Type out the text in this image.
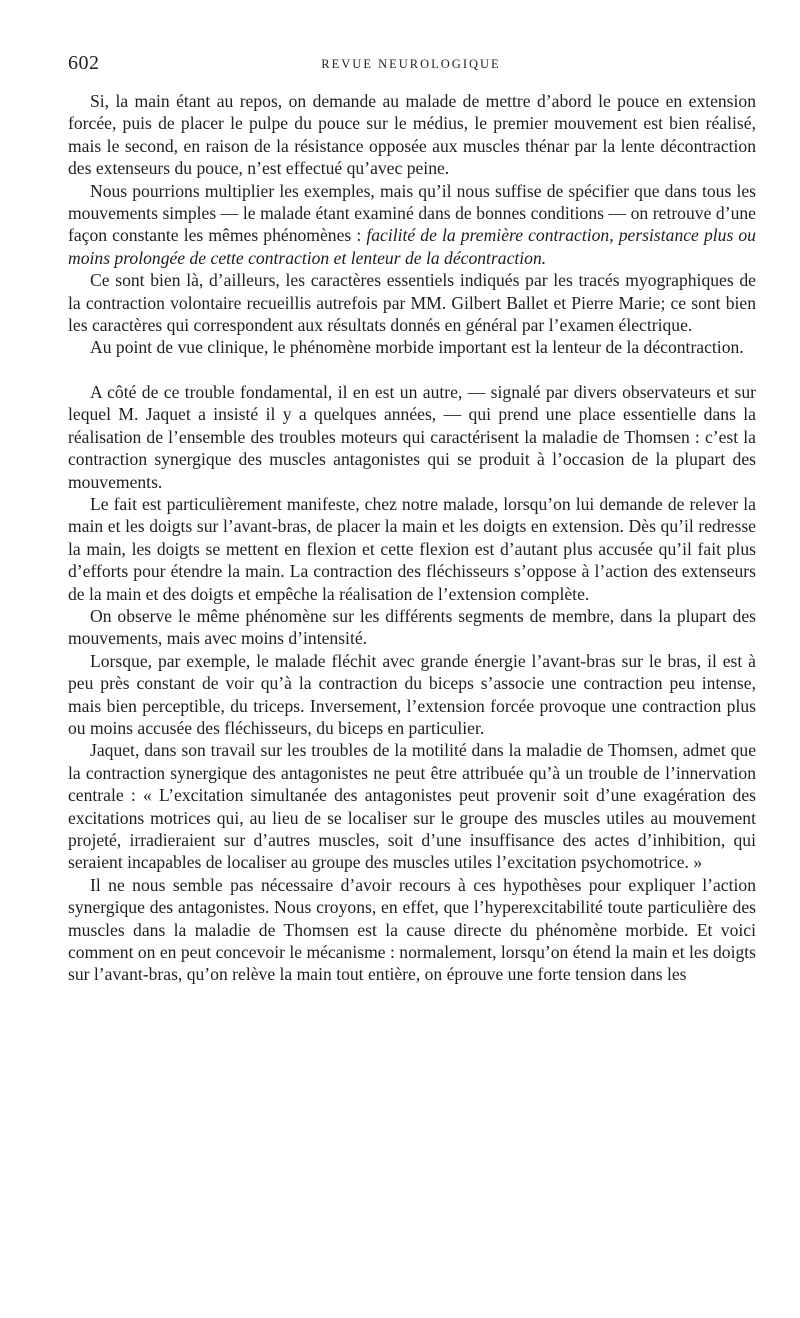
602	REVUE NEUROLOGIQUE

Si, la main étant au repos, on demande au malade de mettre d’abord le pouce en extension forcée, puis de placer le pulpe du pouce sur le médius, le premier mouvement est bien réalisé, mais le second, en raison de la résistance opposée aux muscles thénar par la lente décontraction des extenseurs du pouce, n’est effectué qu’avec peine.

Nous pourrions multiplier les exemples, mais qu’il nous suffise de spécifier que dans tous les mouvements simples — le malade étant examiné dans de bonnes conditions — on retrouve d’une façon constante les mêmes phénomènes : facilité de la première contraction, persistance plus ou moins prolongée de cette contraction et lenteur de la décontraction.

Ce sont bien là, d’ailleurs, les caractères essentiels indiqués par les tracés myographiques de la contraction volontaire recueillis autrefois par MM. Gilbert Ballet et Pierre Marie; ce sont bien les caractères qui correspondent aux résultats donnés en général par l’examen électrique.

Au point de vue clinique, le phénomène morbide important est la lenteur de la décontraction.

A côté de ce trouble fondamental, il en est un autre, — signalé par divers observateurs et sur lequel M. Jaquet a insisté il y a quelques années, — qui prend une place essentielle dans la réalisation de l’ensemble des troubles moteurs qui caractérisent la maladie de Thomsen : c’est la contraction synergique des muscles antagonistes qui se produit à l’occasion de la plupart des mouvements.

Le fait est particulièrement manifeste, chez notre malade, lorsqu’on lui demande de relever la main et les doigts sur l’avant-bras, de placer la main et les doigts en extension. Dès qu’il redresse la main, les doigts se mettent en flexion et cette flexion est d’autant plus accusée qu’il fait plus d’efforts pour étendre la main. La contraction des fléchisseurs s’oppose à l’action des extenseurs de la main et des doigts et empêche la réalisation de l’extension complète.

On observe le même phénomène sur les différents segments de membre, dans la plupart des mouvements, mais avec moins d’intensité.

Lorsque, par exemple, le malade fléchit avec grande énergie l’avant-bras sur le bras, il est à peu près constant de voir qu’à la contraction du biceps s’associe une contraction peu intense, mais bien perceptible, du triceps. Inversement, l’extension forcée provoque une contraction plus ou moins accusée des fléchisseurs, du biceps en particulier.

Jaquet, dans son travail sur les troubles de la motilité dans la maladie de Thomsen, admet que la contraction synergique des antagonistes ne peut être attribuée qu’à un trouble de l’innervation centrale : « L’excitation simultanée des antagonistes peut provenir soit d’une exagération des excitations motrices qui, au lieu de se localiser sur le groupe des muscles utiles au mouvement projeté, irradieraient sur d’autres muscles, soit d’une insuffisance des actes d’inhibition, qui seraient incapables de localiser au groupe des muscles utiles l’excitation psychomotrice. »

Il ne nous semble pas nécessaire d’avoir recours à ces hypothèses pour expliquer l’action synergique des antagonistes. Nous croyons, en effet, que l’hyperexcitabilité toute particulière des muscles dans la maladie de Thomsen est la cause directe du phénomène morbide. Et voici comment on en peut concevoir le mécanisme : normalement, lorsqu’on étend la main et les doigts sur l’avant-bras, qu’on relève la main tout entière, on éprouve une forte tension dans les
